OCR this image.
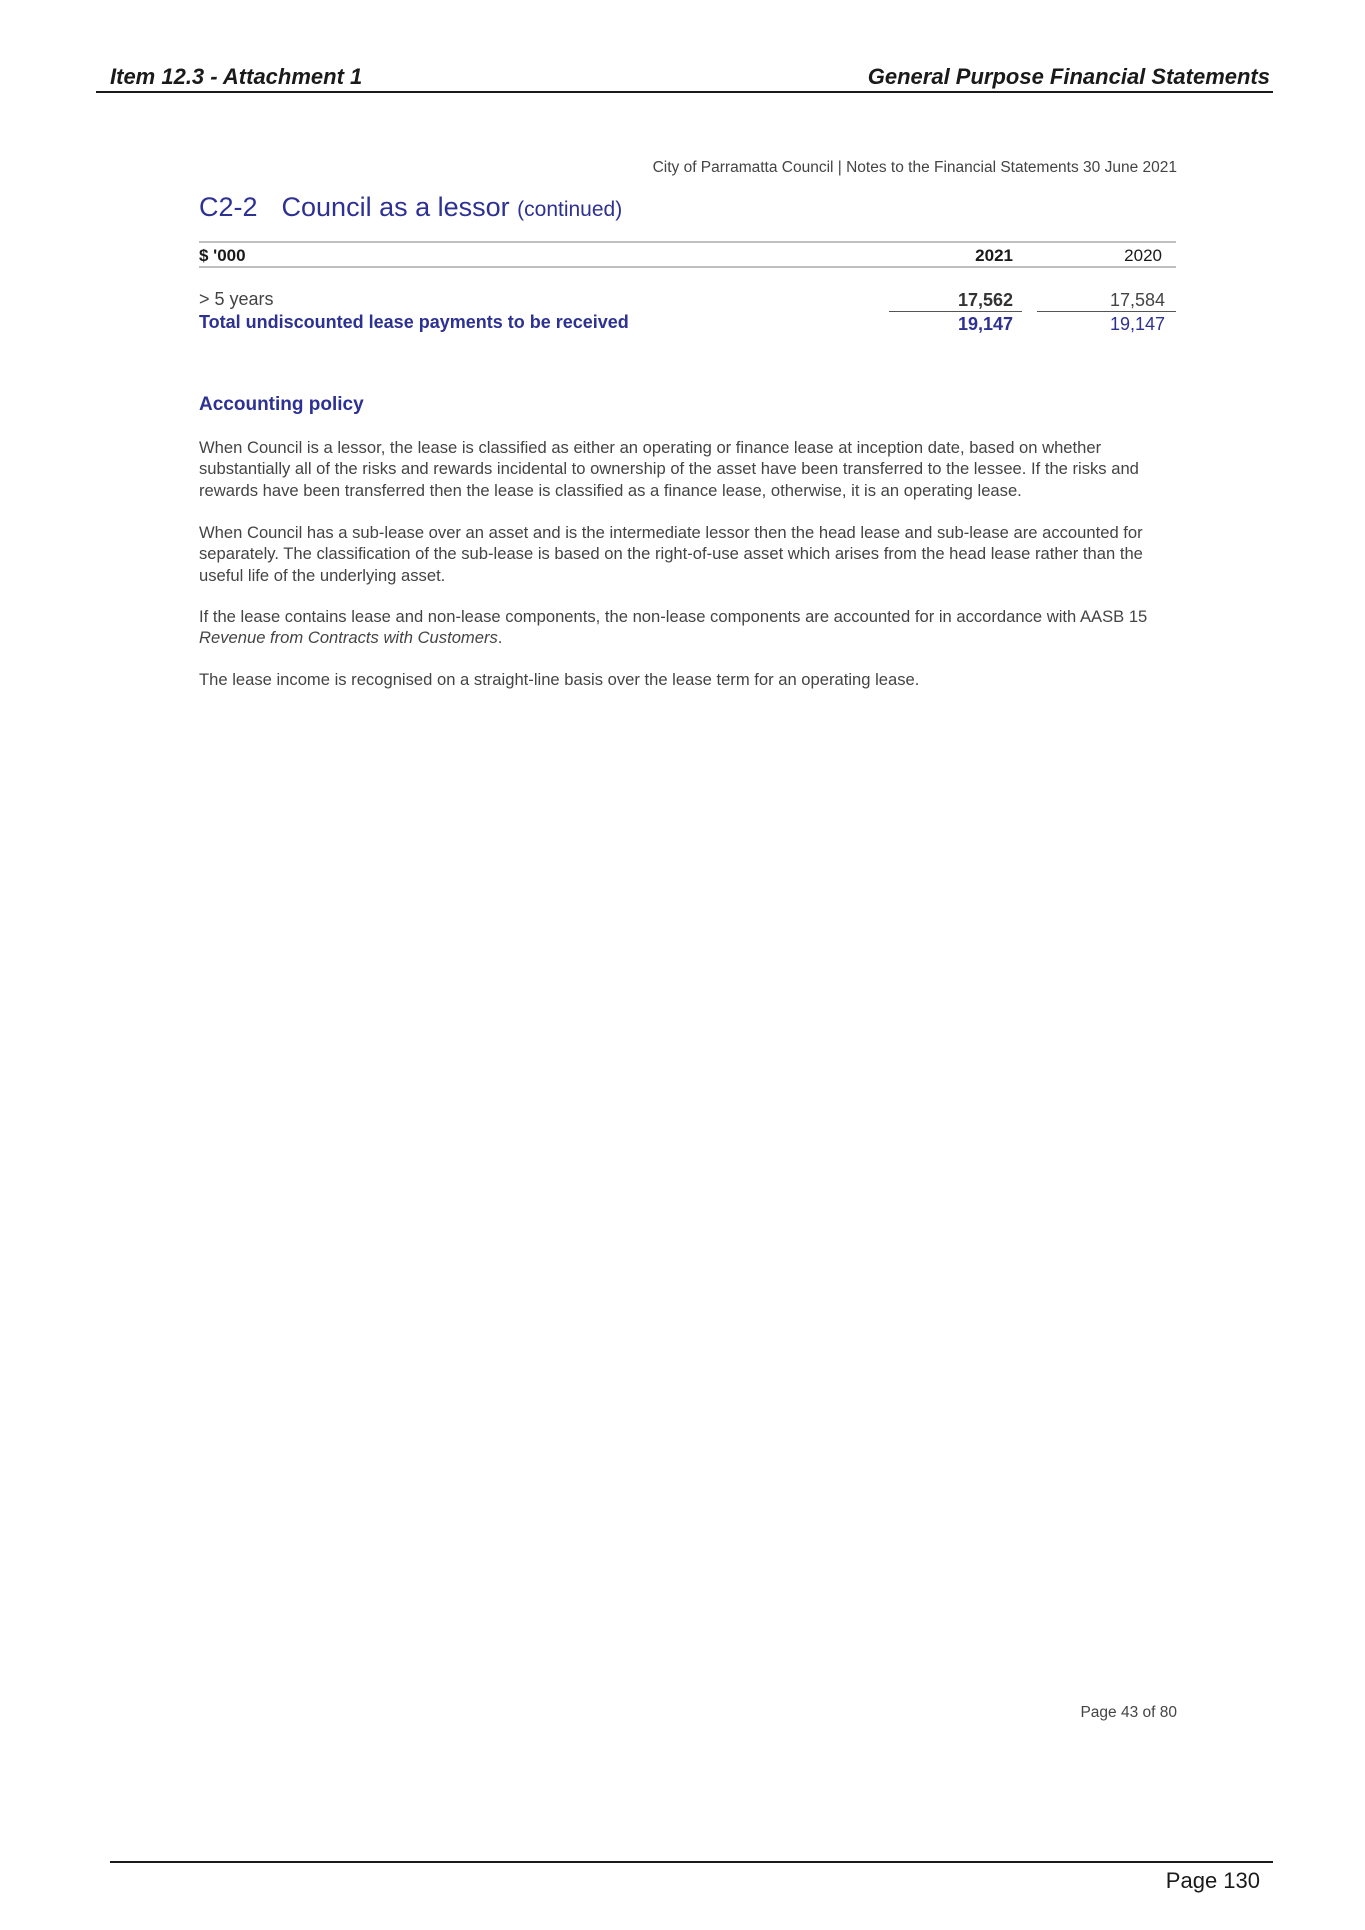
Item 12.3 - Attachment 1	General Purpose Financial Statements
City of Parramatta Council | Notes to the Financial Statements 30 June 2021
C2-2 Council as a lessor (continued)
$ '000	2021	2020
> 5 years	17,562	17,584
Total undiscounted lease payments to be received	19,147	19,147
Accounting policy
When Council is a lessor, the lease is classified as either an operating or finance lease at inception date, based on whether substantially all of the risks and rewards incidental to ownership of the asset have been transferred to the lessee. If the risks and rewards have been transferred then the lease is classified as a finance lease, otherwise, it is an operating lease.
When Council has a sub-lease over an asset and is the intermediate lessor then the head lease and sub-lease are accounted for separately. The classification of the sub-lease is based on the right-of-use asset which arises from the head lease rather than the useful life of the underlying asset.
If the lease contains lease and non-lease components, the non-lease components are accounted for in accordance with AASB 15 Revenue from Contracts with Customers.
The lease income is recognised on a straight-line basis over the lease term for an operating lease.
Page 43 of 80
Page 130
